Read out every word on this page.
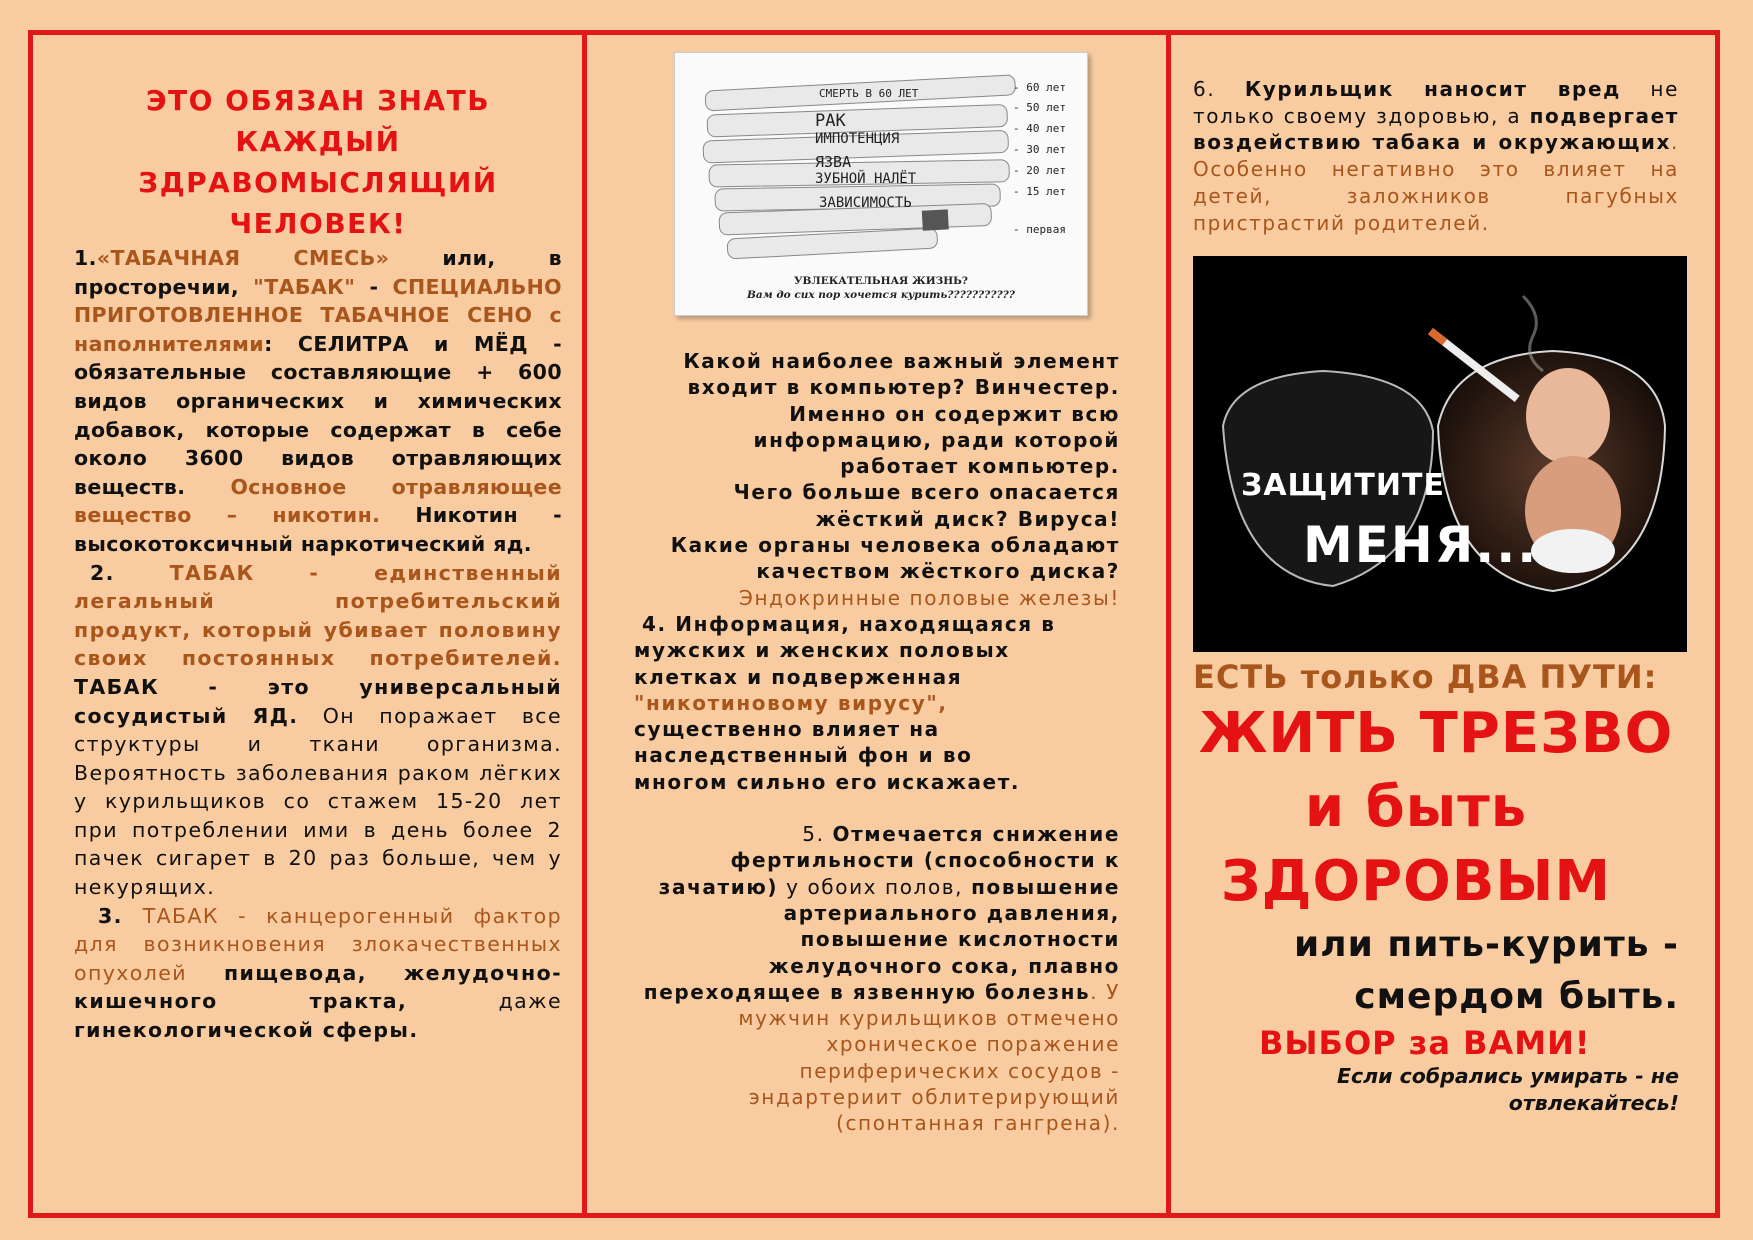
ЭТО ОБЯЗАН ЗНАТЬ
КАЖДЫЙ
ЗДРАВОМЫСЛЯЩИЙ
ЧЕЛОВЕК!

1.«ТАБАЧНАЯ СМЕСЬ» или, в просторечии, "ТАБАК" - СПЕЦИАЛЬНО ПРИГОТОВЛЕННОЕ ТАБАЧНОЕ СЕНО с наполнителями: СЕЛИТРА и МЁД - обязательные составляющие + 600 видов органических и химических добавок, которые содержат в себе около 3600 видов отравляющих веществ. Основное отравляющее вещество – никотин. Никотин - высокотоксичный наркотический яд.

2. ТАБАК - единственный легальный потребительский продукт, который убивает половину своих постоянных потребителей. ТАБАК - это универсальный сосудистый ЯД. Он поражает все структуры и ткани организма. Вероятность заболевания раком лёгких у курильщиков со стажем 15-20 лет при потреблении ими в день более 2 пачек сигарет в 20 раз больше, чем у некурящих.

3. ТАБАК - канцерогенный фактор для возникновения злокачественных опухолей пищевода, желудочно-кишечного тракта, даже гинекологической сферы.

СМЕРТЬ В 60 ЛЕТ
РАК
ИМПОТЕНЦИЯ
ЯЗВА
ЗУБНОЙ НАЛЁТ
ЗАВИСИМОСТЬ
- 60 лет
- 50 лет
- 40 лет
- 30 лет
- 20 лет
- 15 лет
- первая
УВЛЕКАТЕЛЬНАЯ ЖИЗНЬ?
Вам до сих пор хочется курить???????????
Какой наиболее важный элемент
входит в компьютер? Винчестер.
Именно он содержит всю
информацию, ради которой
работает компьютер.
Чего больше всего опасается
жёсткий диск? Вируса!
Какие органы человека обладают
качеством жёсткого диска?
Эндокринные половые железы!
4. Информация, находящаяся в
мужских и женских половых
клетках и подверженная
"никотиновому вирусу",
существенно влияет на
наследственный фон и во
многом сильно его искажает.

5. Отмечается снижение фертильности (способности к зачатию) у обоих полов, повышение артериального давления, повышение кислотности желудочного сока, плавно переходящее в язвенную болезнь. У мужчин курильщиков отмечено хроническое поражение периферических сосудов - эндартериит облитерирующий (спонтанная гангрена).

6. Курильщик наносит вред не только своему здоровью, а подвергает воздействию табака и окружающих. Особенно негативно это влияет на детей, заложников пагубных пристрастий родителей.

ЗАЩИТИТЕ
МЕНЯ...
ЕСТЬ только ДВА ПУТИ:
ЖИТЬ ТРЕЗВО
и быть
ЗДОРОВЫМ
или пить-курить -
смердом быть.
ВЫБОР за ВАМИ!
Если собрались умирать - не отвлекайтесь!
